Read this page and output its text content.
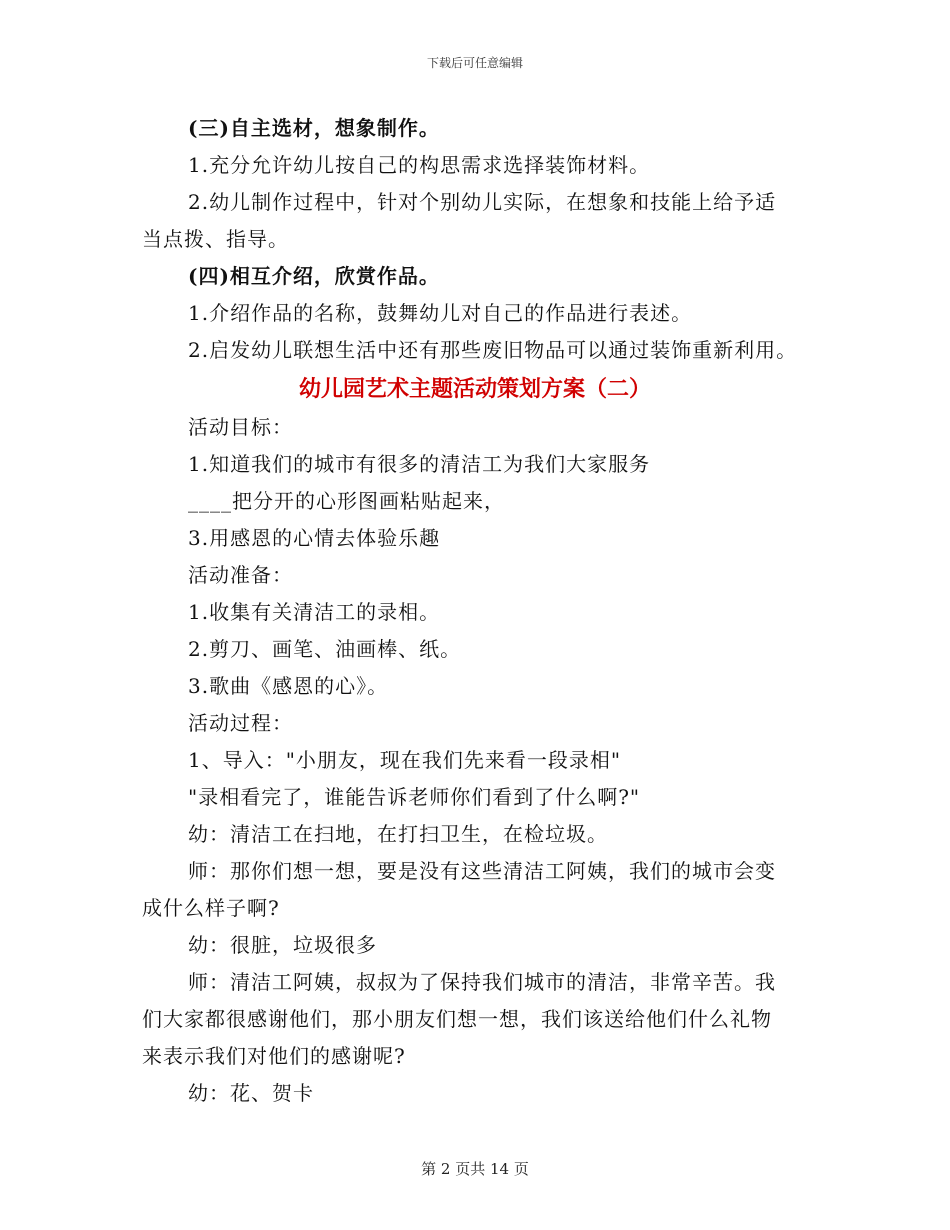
下载后可任意编辑

(三)自主选材，想象制作。

1.充分允许幼儿按自己的构思需求选择装饰材料。

2.幼儿制作过程中，针对个别幼儿实际，在想象和技能上给予适

当点拨、指导。

(四)相互介绍，欣赏作品。

1.介绍作品的名称，鼓舞幼儿对自己的作品进行表述。

2.启发幼儿联想生活中还有那些废旧物品可以通过装饰重新利用。

幼儿园艺术主题活动策划方案（二）

活动目标：

1.知道我们的城市有很多的清洁工为我们大家服务

____把分开的心形图画粘贴起来，

3.用感恩的心情去体验乐趣

活动准备：

1.收集有关清洁工的录相。

2.剪刀、画笔、油画棒、纸。

3.歌曲《感恩的心》。

活动过程：

1、导入："小朋友，现在我们先来看一段录相"

"录相看完了，谁能告诉老师你们看到了什么啊?"

幼：清洁工在扫地，在打扫卫生，在检垃圾。

师：那你们想一想，要是没有这些清洁工阿姨，我们的城市会变

成什么样子啊?

幼：很脏，垃圾很多

师：清洁工阿姨，叔叔为了保持我们城市的清洁，非常辛苦。我

们大家都很感谢他们，那小朋友们想一想，我们该送给他们什么礼物

来表示我们对他们的感谢呢?

幼：花、贺卡

第 2 页共 14 页
